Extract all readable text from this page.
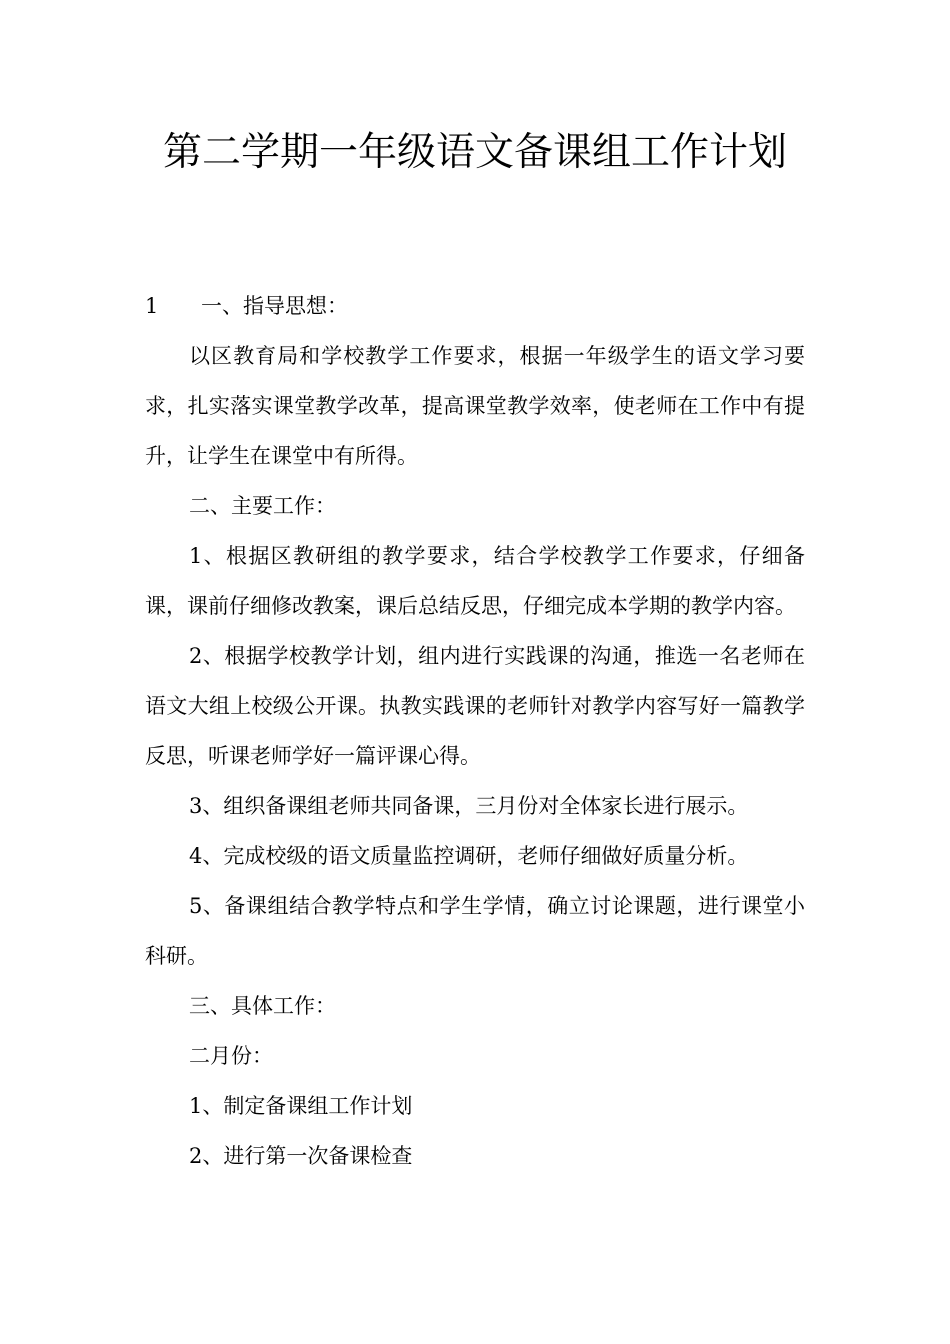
第二学期一年级语文备课组工作计划
1	一、指导思想：

以区教育局和学校教学工作要求，根据一年级学生的语文学习要求，扎实落实课堂教学改革，提高课堂教学效率，使老师在工作中有提升，让学生在课堂中有所得。

二、主要工作：

1、根据区教研组的教学要求，结合学校教学工作要求，仔细备课，课前仔细修改教案，课后总结反思，仔细完成本学期的教学内容。

2、根据学校教学计划，组内进行实践课的沟通，推选一名老师在语文大组上校级公开课。执教实践课的老师针对教学内容写好一篇教学反思，听课老师学好一篇评课心得。

3、组织备课组老师共同备课，三月份对全体家长进行展示。

4、完成校级的语文质量监控调研，老师仔细做好质量分析。

5、备课组结合教学特点和学生学情，确立讨论课题，进行课堂小科研。

三、具体工作：

二月份：

1、制定备课组工作计划

2、进行第一次备课检查
